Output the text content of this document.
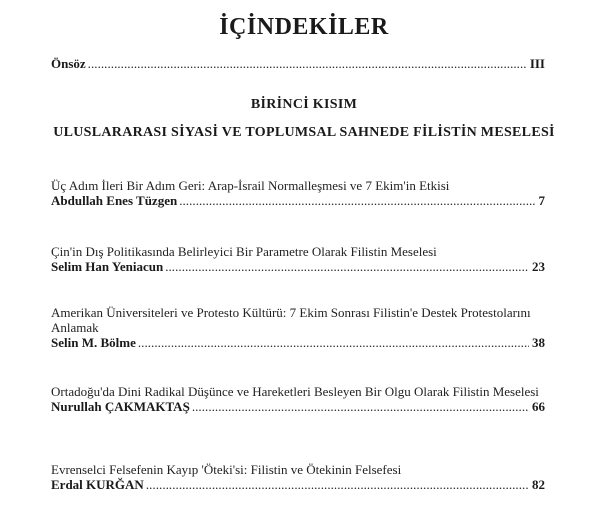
İÇİNDEKİLER
Önsöz . . .	III
BİRİNCİ KISIM
ULUSLARARASI SİYASİ VE TOPLUMSAL SAHNEDE FİLİSTİN MESELESİ
Üç Adım İleri Bir Adım Geri: Arap-İsrail Normalleşmesi ve 7 Ekim'in Etkisi
Abdullah Enes Tüzgen . . .	7
Çin'in Dış Politikasında Belirleyici Bir Parametre Olarak Filistin Meselesi
Selim Han Yeniacun . . .	23
Amerikan Üniversiteleri ve Protesto Kültürü: 7 Ekim Sonrası Filistin'e Destek Protestolarını Anlamak
Selin M. Bölme . . .	38
Ortadoğu'da Dini Radikal Düşünce ve Hareketleri Besleyen Bir Olgu Olarak Filistin Meselesi
Nurullah ÇAKMAKTAŞ . . .	66
Evrenselci Felsefenin Kayıp 'Öteki'si: Filistin ve Ötekinin Felsefesi
Erdal KURĞAN . . .	82
